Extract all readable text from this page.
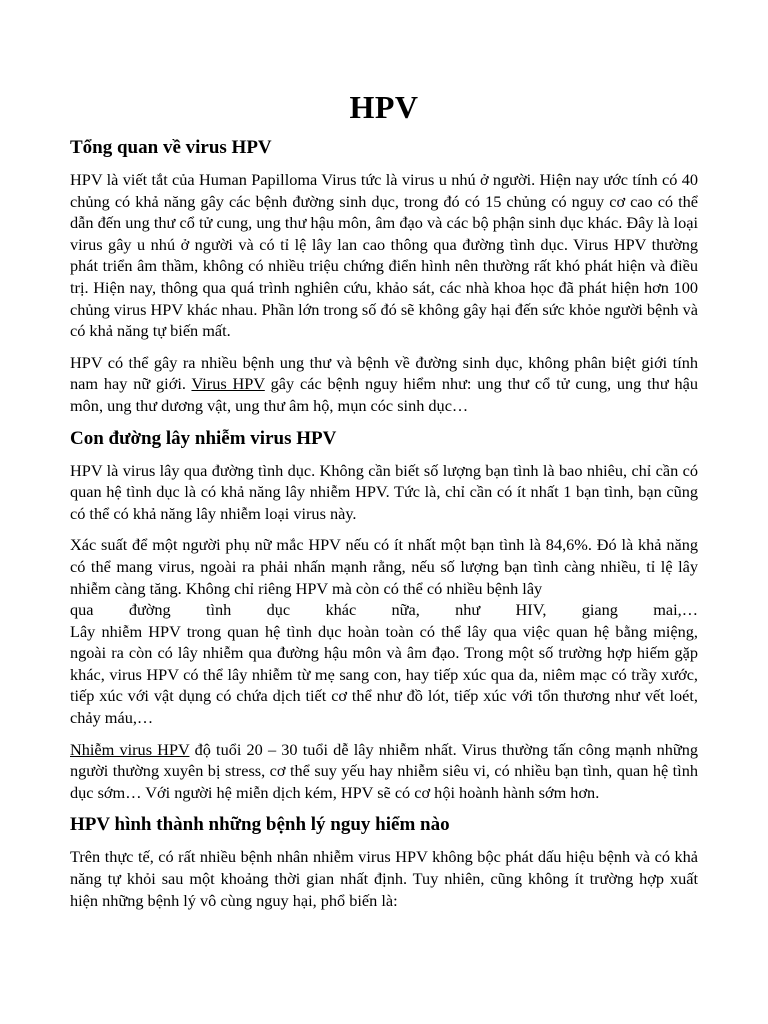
HPV
Tổng quan về virus HPV

HPV là viết tắt của Human Papilloma Virus tức là virus u nhú ở người. Hiện nay ước tính có 40 chủng có khả năng gây các bệnh đường sinh dục, trong đó có 15 chủng có nguy cơ cao có thể dẫn đến ung thư cổ tử cung, ung thư hậu môn, âm đạo và các bộ phận sinh dục khác. Đây là loại virus gây u nhú ở người và có tỉ lệ lây lan cao thông qua đường tình dục. Virus HPV thường phát triển âm thầm, không có nhiều triệu chứng điển hình nên thường rất khó phát hiện và điều trị. Hiện nay, thông qua quá trình nghiên cứu, khảo sát, các nhà khoa học đã phát hiện hơn 100 chủng virus HPV khác nhau. Phần lớn trong số đó sẽ không gây hại đến sức khỏe người bệnh và có khả năng tự biến mất.

HPV có thể gây ra nhiều bệnh ung thư và bệnh về đường sinh dục, không phân biệt giới tính nam hay nữ giới. Virus HPV gây các bệnh nguy hiểm như: ung thư cổ tử cung, ung thư hậu môn, ung thư dương vật, ung thư âm hộ, mụn cóc sinh dục…

Con đường lây nhiễm virus HPV

HPV là virus lây qua đường tình dục. Không cần biết số lượng bạn tình là bao nhiêu, chỉ cần có quan hệ tình dục là có khả năng lây nhiễm HPV. Tức là, chỉ cần có ít nhất 1 bạn tình, bạn cũng có thể có khả năng lây nhiễm loại virus này.

Xác suất để một người phụ nữ mắc HPV nếu có ít nhất một bạn tình là 84,6%. Đó là khả năng có thể mang virus, ngoài ra phải nhấn mạnh rằng, nếu số lượng bạn tình càng nhiều, tỉ lệ lây nhiễm càng tăng. Không chỉ riêng HPV mà còn có thể có nhiều bệnh lây
qua đường tình dục khác nữa, như HIV, giang mai,…
Lây nhiễm HPV trong quan hệ tình dục hoàn toàn có thể lây qua việc quan hệ bằng miệng, ngoài ra còn có lây nhiễm qua đường hậu môn và âm đạo. Trong một số trường hợp hiếm gặp khác, virus HPV có thể lây nhiễm từ mẹ sang con, hay tiếp xúc qua da, niêm mạc có trầy xước, tiếp xúc với vật dụng có chứa dịch tiết cơ thể như đồ lót, tiếp xúc với tổn thương như vết loét, chảy máu,…

Nhiễm virus HPV độ tuổi 20 – 30 tuổi dễ lây nhiễm nhất. Virus thường tấn công mạnh những người thường xuyên bị stress, cơ thể suy yếu hay nhiễm siêu vi, có nhiều bạn tình, quan hệ tình dục sớm… Với người hệ miễn dịch kém, HPV sẽ có cơ hội hoành hành sớm hơn.

HPV hình thành những bệnh lý nguy hiểm nào

Trên thực tế, có rất nhiều bệnh nhân nhiễm virus HPV không bộc phát dấu hiệu bệnh và có khả năng tự khỏi sau một khoảng thời gian nhất định. Tuy nhiên, cũng không ít trường hợp xuất hiện những bệnh lý vô cùng nguy hại, phổ biến là:
